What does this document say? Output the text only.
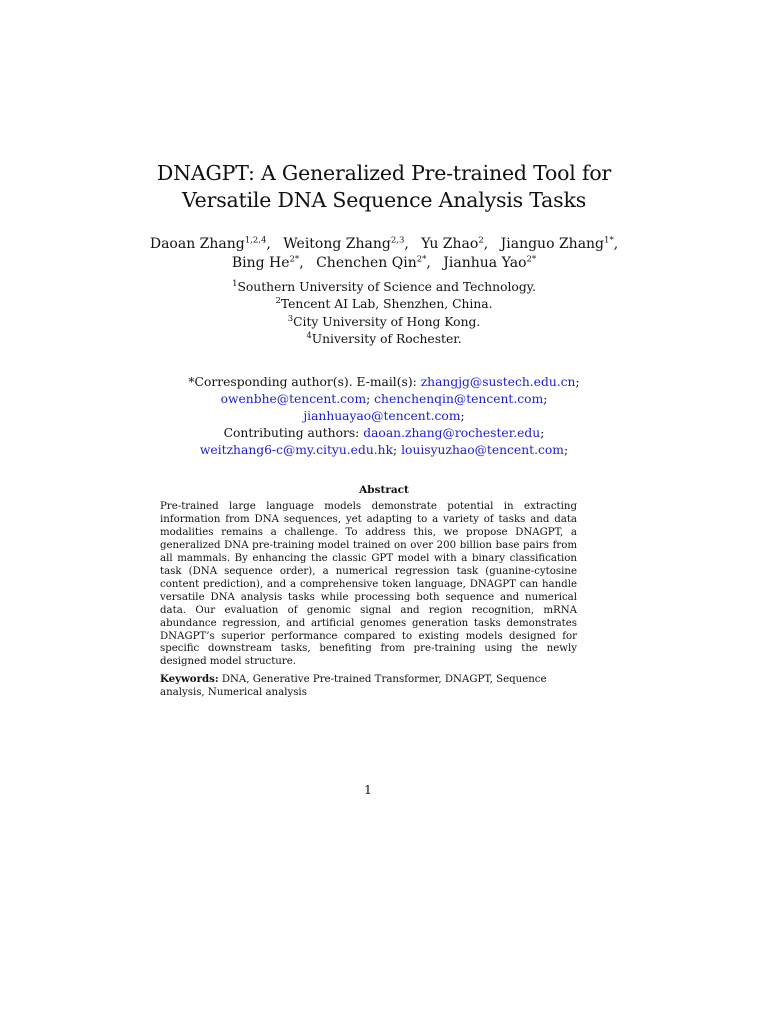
DNAGPT: A Generalized Pre-trained Tool for
Versatile DNA Sequence Analysis Tasks
Daoan Zhang$^{1,2,4}$, Weitong Zhang$^{2,3}$, Yu Zhao$^2$, Jianguo Zhang$^{1*}$,
Bing $He^{2*}$, Chenchen Qin$^{2*}$, Jianhua Yao$^{2*}$
$^1$Southern University of Science and Technology.
$^2$Tencent AI Lab, Shenzhen, China.
$^3$City University of Hong Kong.
$^4$University of Rochester.
*Corresponding author(s). E-mail(s): zhangjg@sustech.edu.cn;
owenbhe@tencent.com; chenchenqin@tencent.com;
jianhuayao@tencent.com;
Contributing authors: daoan.zhang@rochester.edu;
weitzhang6-c@my.cityu.edu.hk; louisyuzhao@tencent.com;
Abstract
Pre-trained large language models demonstrate potential in extracting information from DNA sequences, yet adapting to a variety of tasks and data modalities remains a challenge. To address this, we propose DNAGPT, a generalized DNA pre-training model trained on over 200 billion base pairs from all mammals. By enhancing the classic GPT model with a binary classification task (DNA sequence order), a numerical regression task (guanine-cytosine content prediction), and a comprehensive token language, DNAGPT can handle versatile DNA analysis tasks while processing both sequence and numerical data. Our evaluation of genomic signal and region recognition, mRNA abundance regression, and artificial genomes generation tasks demonstrates DNAGPT’s superior performance compared to existing models designed for specific downstream tasks, benefiting from pre-training using the newly designed model structure.
Keywords: DNA, Generative Pre-trained Transformer, DNAGPT, Sequence analysis, Numerical analysis
1
